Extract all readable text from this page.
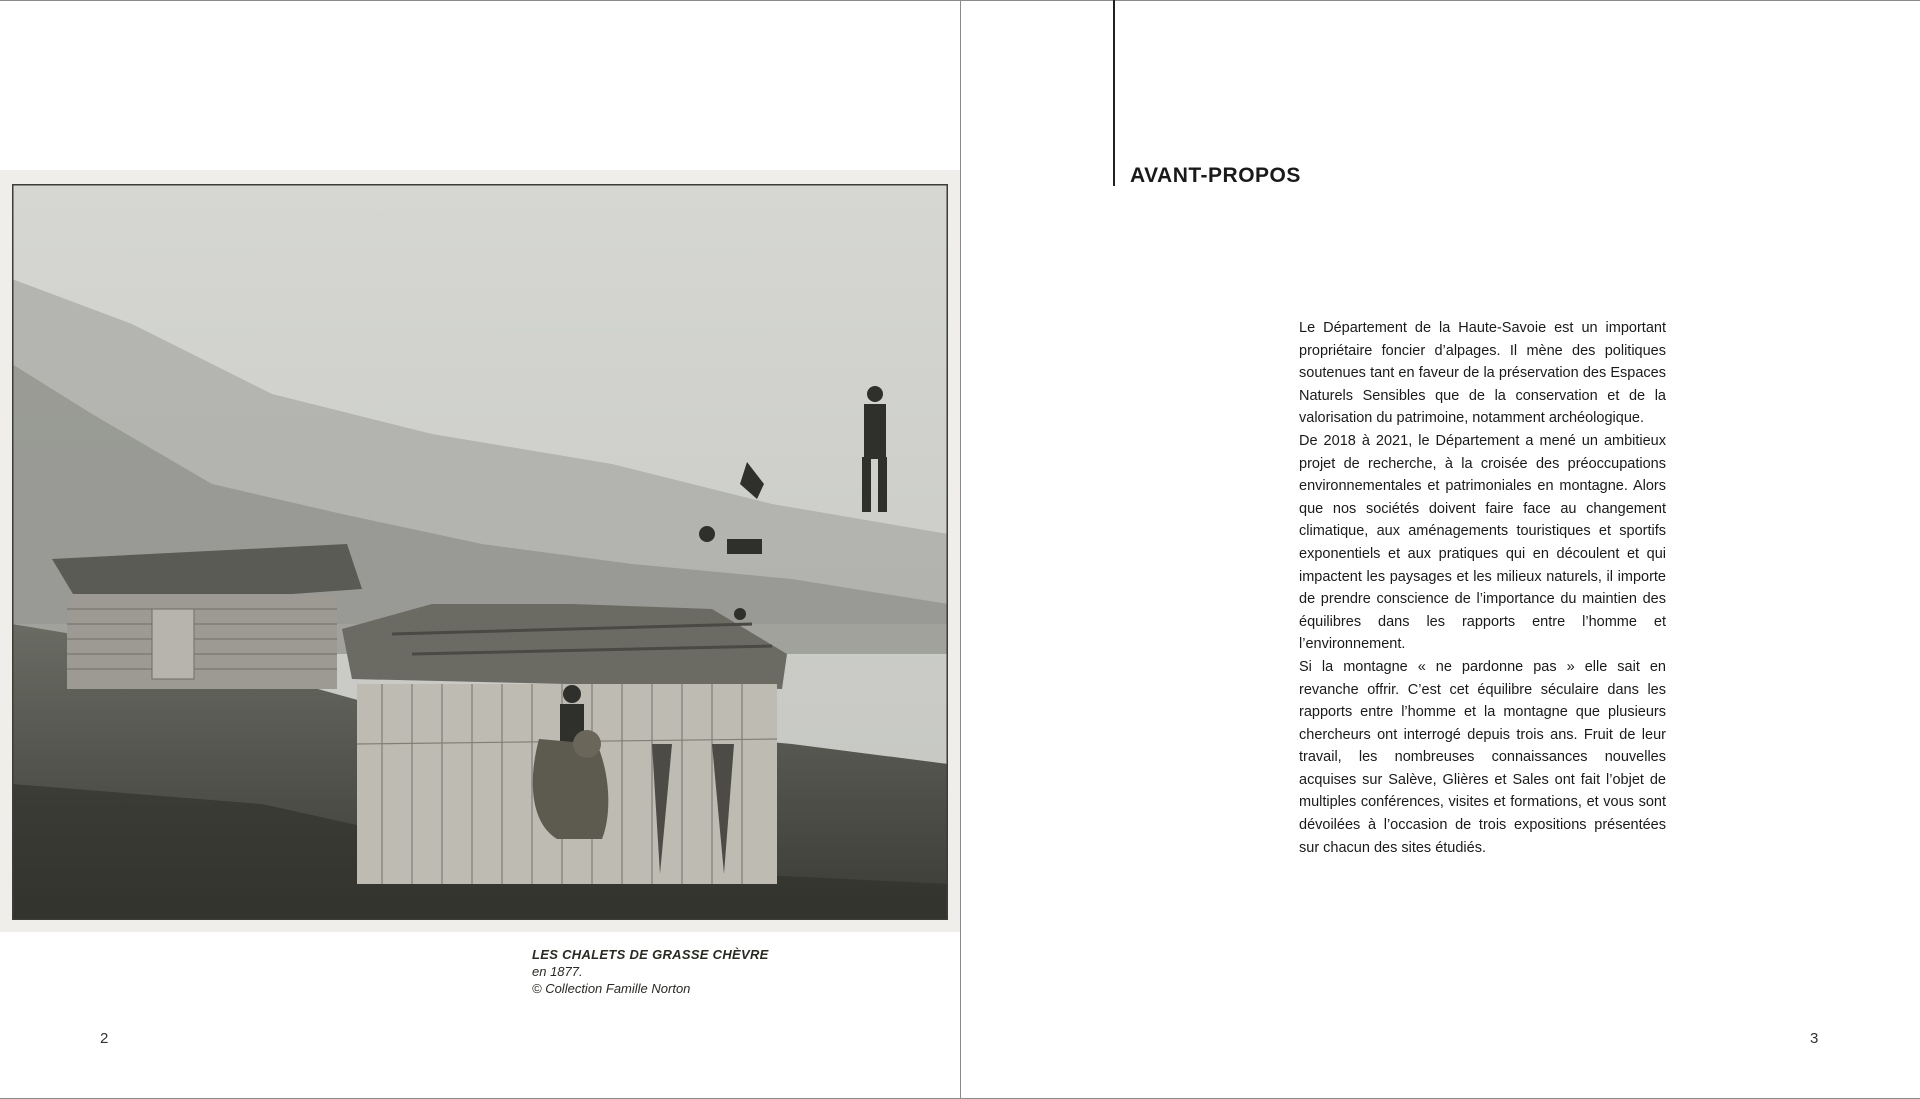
LES CHALETS DE GRASSE CHÈVRE
en 1877.
© Collection Famille Norton
2
AVANT-PROPOS

Le Département de la Haute-Savoie est un important propriétaire foncier d’alpages. Il mène des politiques soutenues tant en faveur de la préservation des Espaces Naturels Sensibles que de la conservation et de la valorisation du patrimoine, notamment archéologique.

De 2018 à 2021, le Département a mené un ambitieux projet de recherche, à la croisée des préoccupations environnementales et patrimoniales en montagne. Alors que nos sociétés doivent faire face au changement climatique, aux aménagements touristiques et sportifs exponentiels et aux pratiques qui en découlent et qui impactent les paysages et les milieux naturels, il importe de prendre conscience de l’importance du maintien des équilibres dans les rapports entre l’homme et l’environnement.

Si la montagne « ne pardonne pas » elle sait en revanche offrir. C’est cet équilibre séculaire dans les rapports entre l’homme et la montagne que plusieurs chercheurs ont interrogé depuis trois ans. Fruit de leur travail, les nombreuses connaissances nouvelles acquises sur Salève, Glières et Sales ont fait l’objet de multiples conférences, visites et formations, et vous sont dévoilées à l’occasion de trois expositions présentées sur chacun des sites étudiés.

3
